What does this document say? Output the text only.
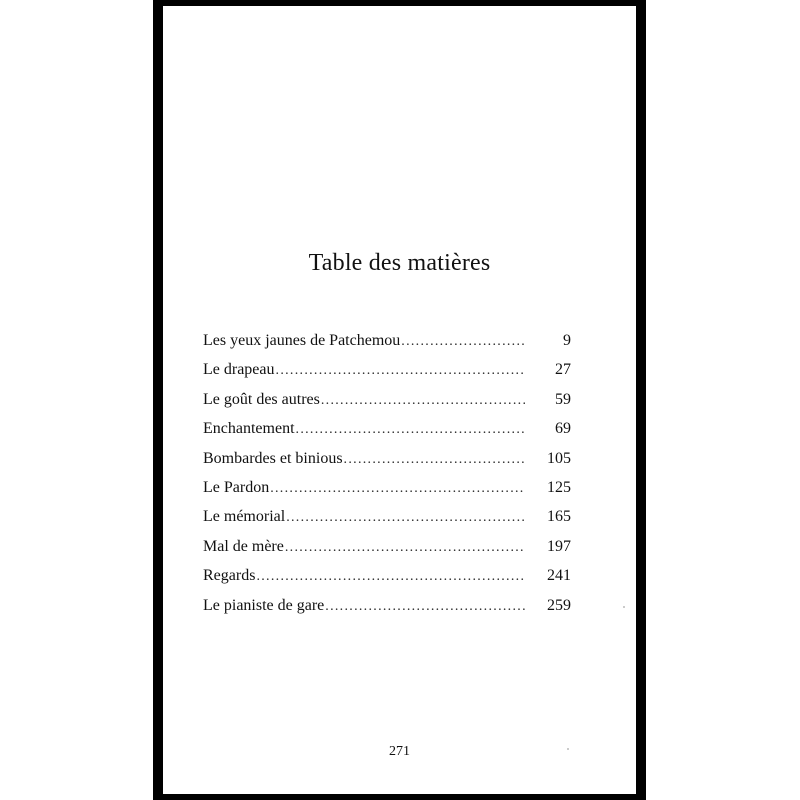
Table des matières
Les yeux jaunes de Patchemou . . .	9
Le drapeau . . .	27
Le goût des autres . . .	59
Enchantement . . .	69
Bombardes et binious . . .	105
Le Pardon . . .	125
Le mémorial . . .	165
Mal de mère . . .	197
Regards . . .	241
Le pianiste de gare . . .	259
271
